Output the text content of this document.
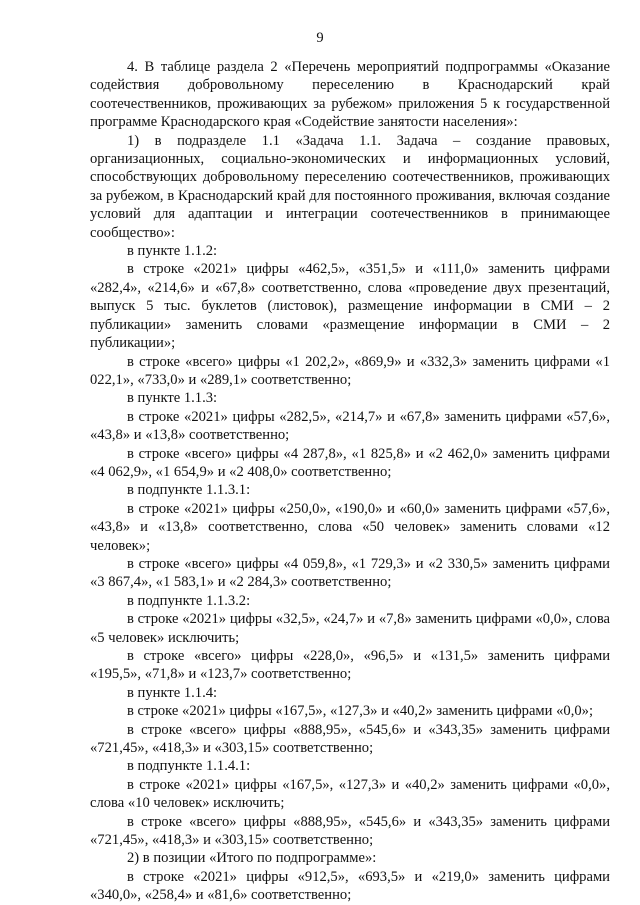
9

4. В таблице раздела 2 «Перечень мероприятий подпрограммы «Оказание содействия добровольному переселению в Краснодарский край соотечественников, проживающих за рубежом» приложения 5 к государственной программе Краснодарского края «Содействие занятости населения»:

1) в подразделе 1.1 «Задача 1.1. Задача – создание правовых, организационных, социально-экономических и информационных условий, способствующих добровольному переселению соотечественников, проживающих за рубежом, в Краснодарский край для постоянного проживания, включая создание условий для адаптации и интеграции соотечественников в принимающее сообщество»:

в пункте 1.1.2:

в строке «2021» цифры «462,5», «351,5» и «111,0» заменить цифрами «282,4», «214,6» и «67,8» соответственно, слова «проведение двух презентаций, выпуск 5 тыс. буклетов (листовок), размещение информации в СМИ – 2 публикации» заменить словами «размещение информации в СМИ – 2 публикации»;

в строке «всего» цифры «1 202,2», «869,9» и «332,3» заменить цифрами «1 022,1», «733,0» и «289,1» соответственно;

в пункте 1.1.3:

в строке «2021» цифры «282,5», «214,7» и «67,8» заменить цифрами «57,6», «43,8» и «13,8» соответственно;

в строке «всего» цифры «4 287,8», «1 825,8» и «2 462,0» заменить цифрами «4 062,9», «1 654,9» и «2 408,0» соответственно;

в подпункте 1.1.3.1:

в строке «2021» цифры «250,0», «190,0» и «60,0» заменить цифрами «57,6», «43,8» и «13,8» соответственно, слова «50 человек» заменить словами «12 человек»;

в строке «всего» цифры «4 059,8», «1 729,3» и «2 330,5» заменить цифрами «3 867,4», «1 583,1» и «2 284,3» соответственно;

в подпункте 1.1.3.2:

в строке «2021» цифры «32,5», «24,7» и «7,8» заменить цифрами «0,0», слова «5 человек» исключить;

в строке «всего» цифры «228,0», «96,5» и «131,5» заменить цифрами «195,5», «71,8» и «123,7» соответственно;

в пункте 1.1.4:

в строке «2021» цифры «167,5», «127,3» и «40,2» заменить цифрами «0,0»;

в строке «всего» цифры «888,95», «545,6» и «343,35» заменить цифрами «721,45», «418,3» и «303,15» соответственно;

в подпункте 1.1.4.1:

в строке «2021» цифры «167,5», «127,3» и «40,2» заменить цифрами «0,0», слова «10 человек» исключить;

в строке «всего» цифры «888,95», «545,6» и «343,35» заменить цифрами «721,45», «418,3» и «303,15» соответственно;

2) в позиции «Итого по подпрограмме»:

в строке «2021» цифры «912,5», «693,5» и «219,0» заменить цифрами «340,0», «258,4» и «81,6» соответственно;
